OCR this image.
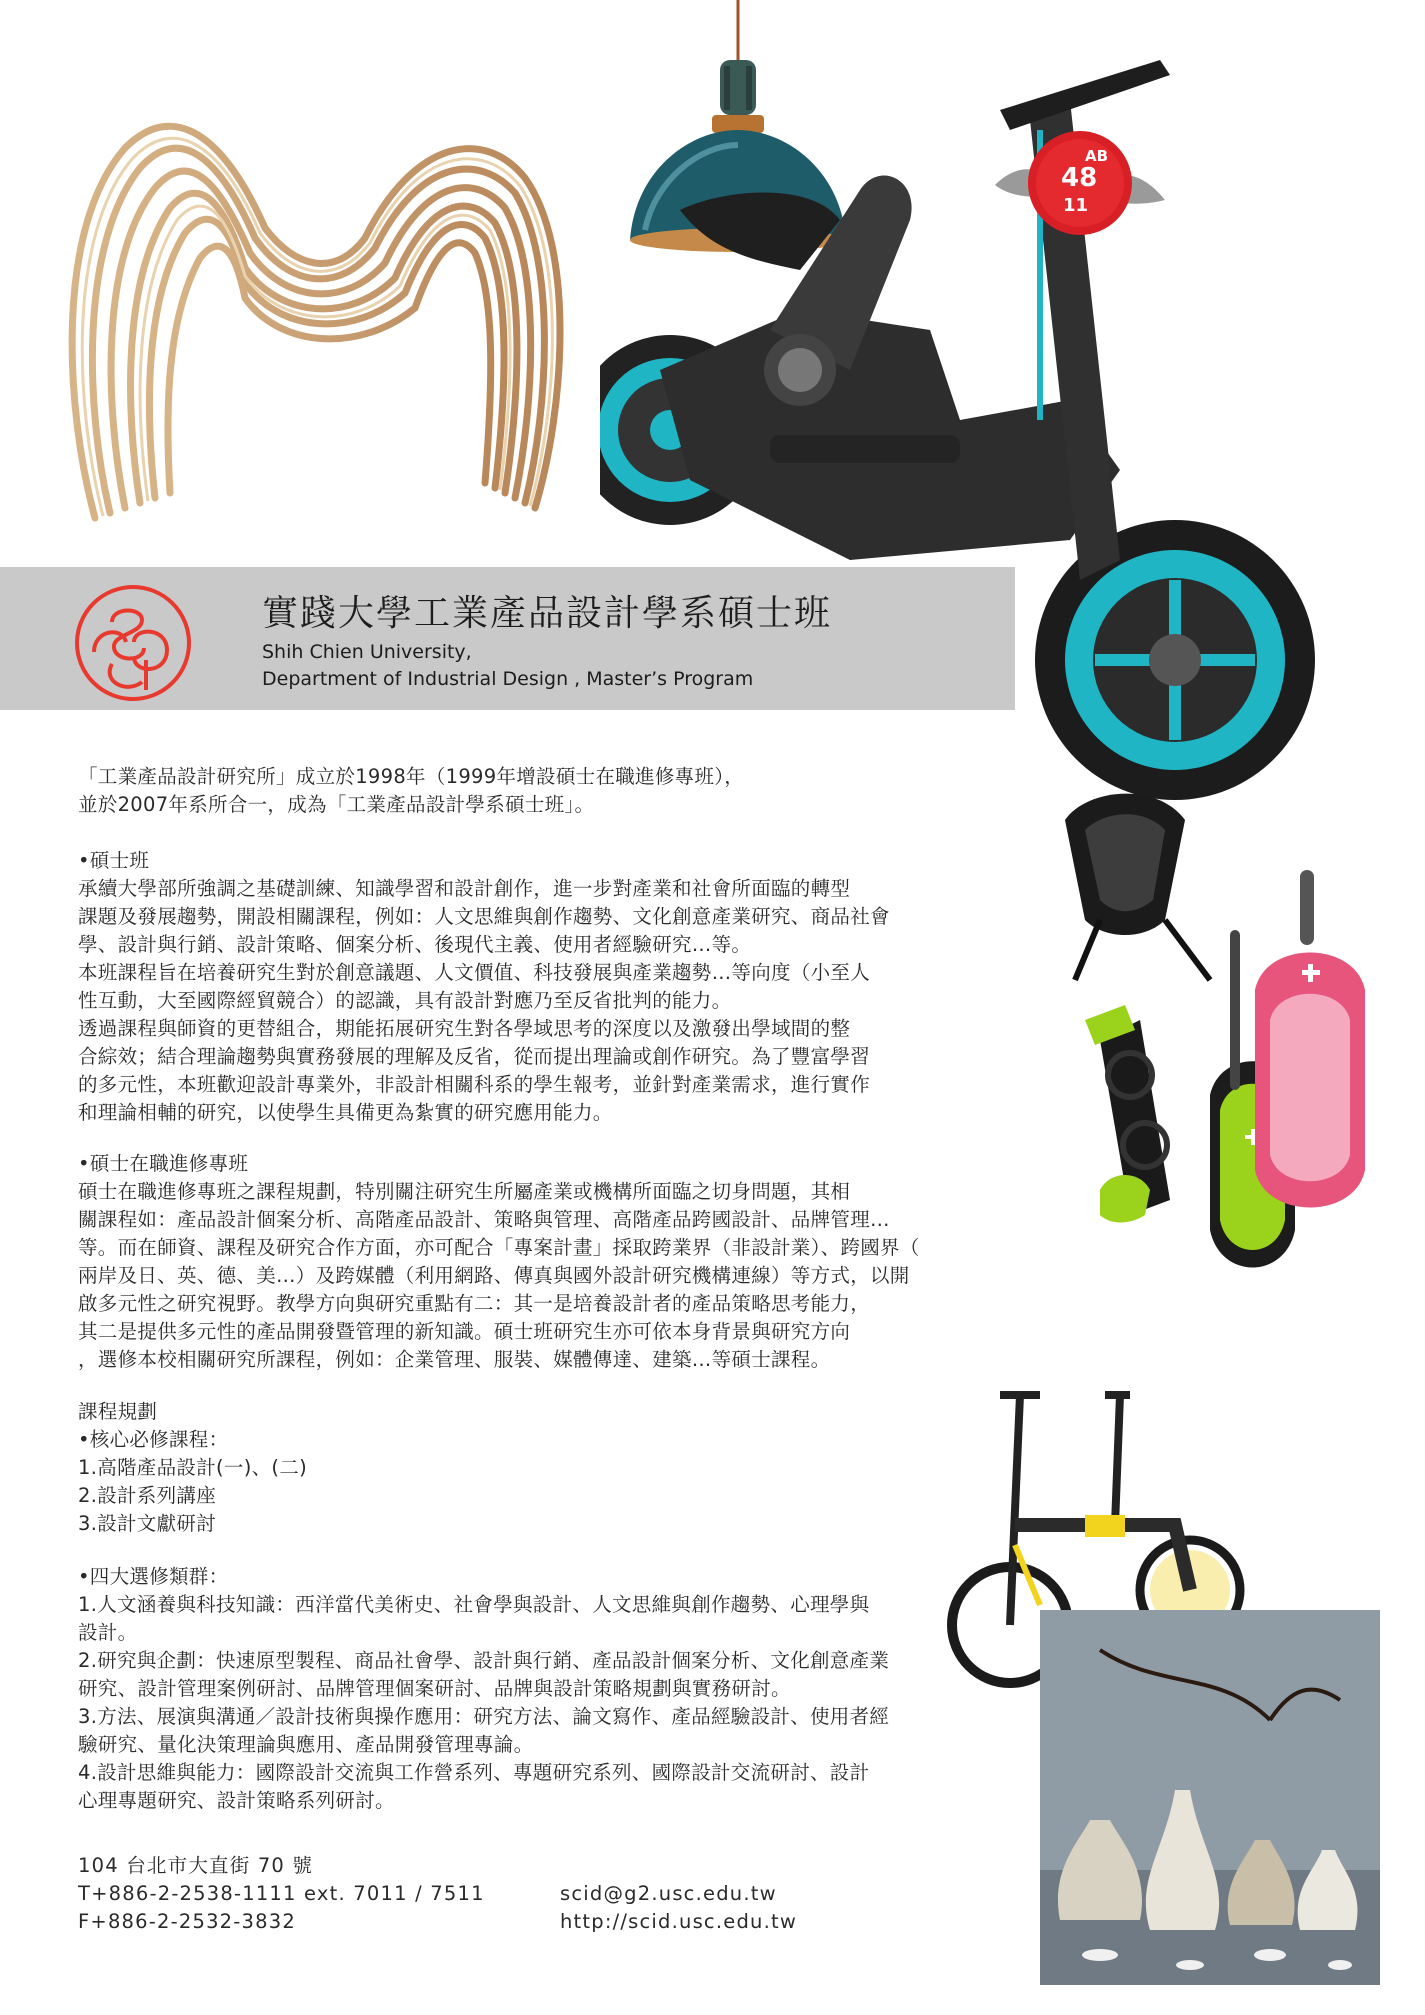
AB
48
11
實踐大學工業產品設計學系碩士班
Shih Chien University,
Department of Industrial Design , Master’s Program
「工業產品設計研究所」成立於1998年（1999年增設碩士在職進修專班），
並於2007年系所合一，成為「工業產品設計學系碩士班」。
•碩士班
承續大學部所強調之基礎訓練、知識學習和設計創作，進一步對產業和社會所面臨的轉型
課題及發展趨勢，開設相關課程，例如：人文思維與創作趨勢、文化創意產業研究、商品社會
學、設計與行銷、設計策略、個案分析、後現代主義、使用者經驗研究…等。
本班課程旨在培養研究生對於創意議題、人文價值、科技發展與產業趨勢…等向度（小至人
性互動，大至國際經貿競合）的認識，具有設計對應乃至反省批判的能力。
透過課程與師資的更替組合，期能拓展研究生對各學域思考的深度以及激發出學域間的整
合綜效；結合理論趨勢與實務發展的理解及反省，從而提出理論或創作研究。為了豐富學習
的多元性，本班歡迎設計專業外，非設計相關科系的學生報考，並針對產業需求，進行實作
和理論相輔的研究，以使學生具備更為紮實的研究應用能力。
•碩士在職進修專班
碩士在職進修專班之課程規劃，特別關注研究生所屬產業或機構所面臨之切身問題，其相
關課程如：產品設計個案分析、高階產品設計、策略與管理、高階產品跨國設計、品牌管理…
等。而在師資、課程及研究合作方面，亦可配合「專案計畫」採取跨業界（非設計業）、跨國界（
兩岸及日、英、德、美…）及跨媒體（利用網路、傳真與國外設計研究機構連線）等方式，以開
啟多元性之研究視野。教學方向與研究重點有二：其一是培養設計者的產品策略思考能力，
其二是提供多元性的產品開發暨管理的新知識。碩士班研究生亦可依本身背景與研究方向
，選修本校相關研究所課程，例如：企業管理、服裝、媒體傳達、建築…等碩士課程。
課程規劃
•核心必修課程：
1.高階產品設計(一)、(二)
2.設計系列講座
3.設計文獻研討
•四大選修類群：
1.人文涵養與科技知識：西洋當代美術史、社會學與設計、人文思維與創作趨勢、心理學與
設計。
2.研究與企劃：快速原型製程、商品社會學、設計與行銷、產品設計個案分析、文化創意產業
研究、設計管理案例研討、品牌管理個案研討、品牌與設計策略規劃與實務研討。
3.方法、展演與溝通／設計技術與操作應用：研究方法、論文寫作、產品經驗設計、使用者經
驗研究、量化決策理論與應用、產品開發管理專論。
4.設計思維與能力：國際設計交流與工作營系列、專題研究系列、國際設計交流研討、設計
心理專題研究、設計策略系列研討。
104 台北市大直街 70 號
T+886-2-2538-1111 ext. 7011 / 7511
F+886-2-2532-3832
scid@g2.usc.edu.tw
http://scid.usc.edu.tw
